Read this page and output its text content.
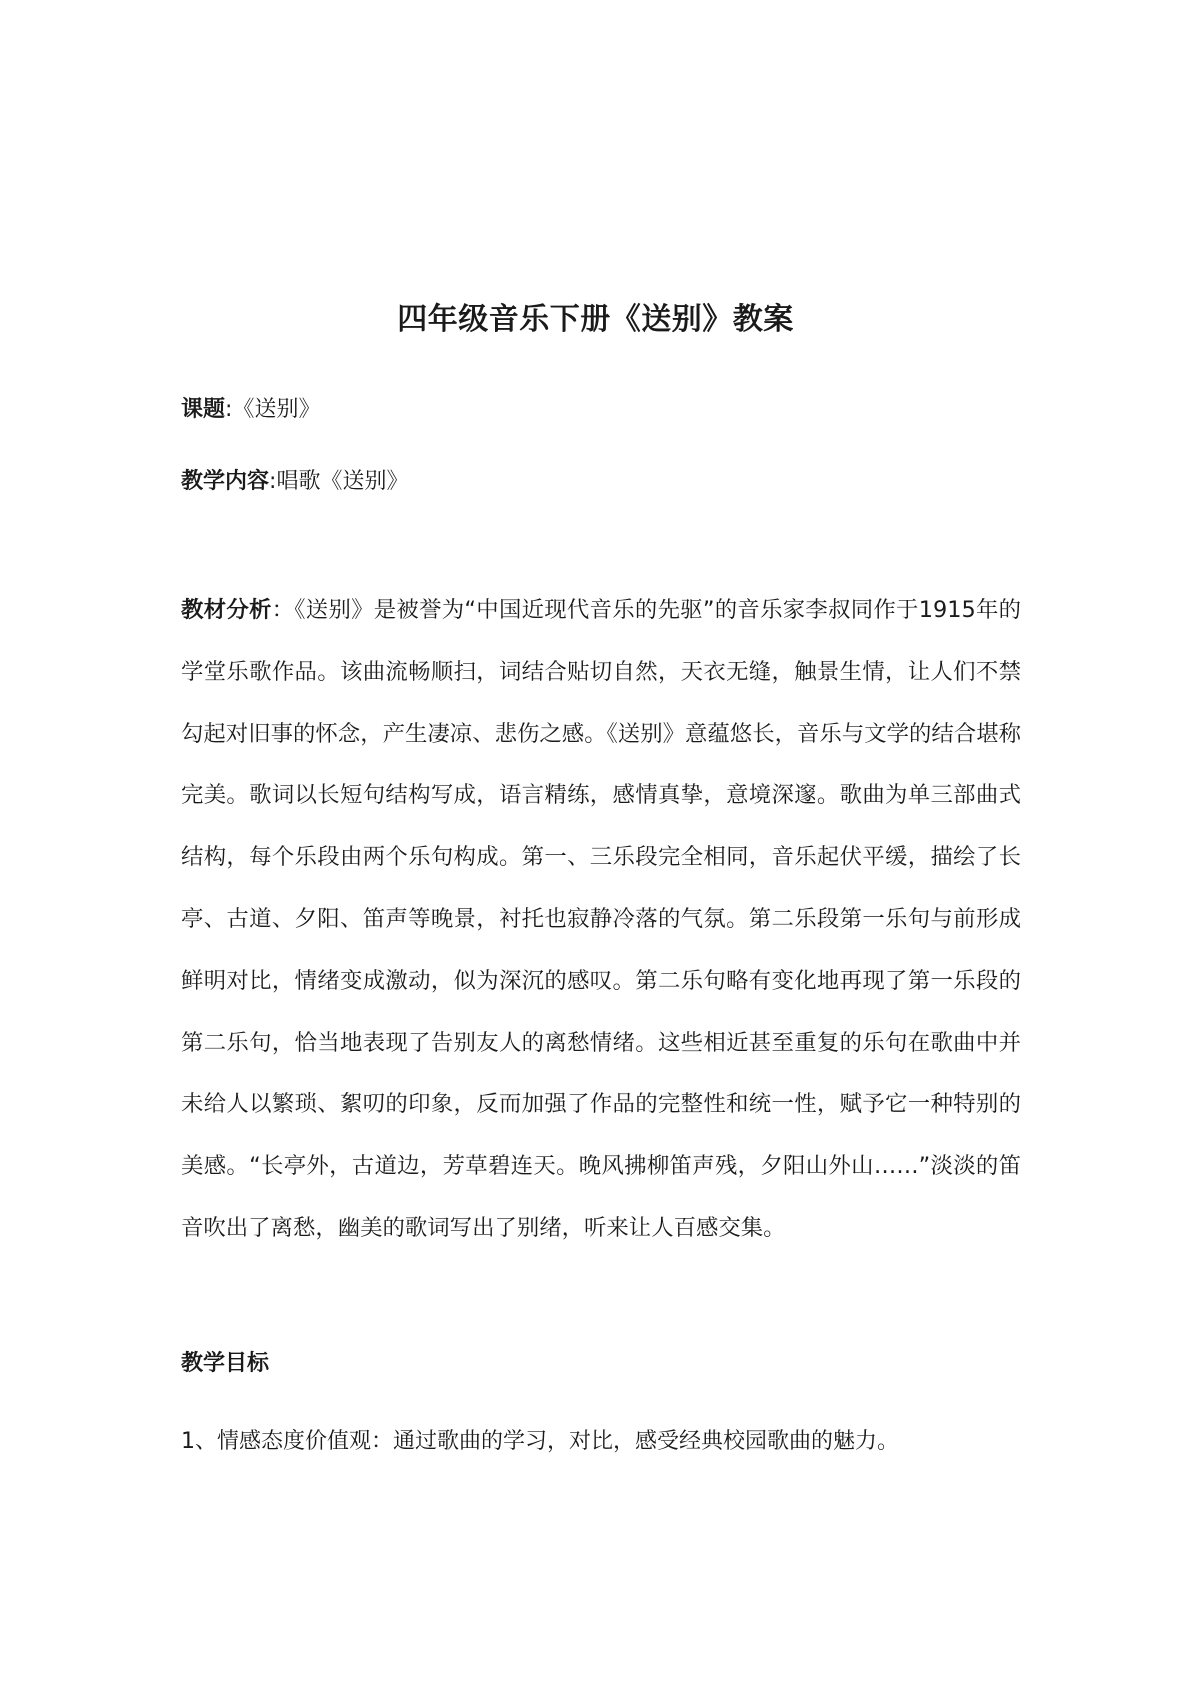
四年级音乐下册《送别》教案
课题:《送别》
教学内容:唱歌《送别》

教材分析：《送别》是被誉为“中国近现代音乐的先驱”的音乐家李叔同作于1915年的学堂乐歌作品。该曲流畅顺扫，词结合贴切自然，天衣无缝，触景生情，让人们不禁勾起对旧事的怀念，产生凄凉、悲伤之感。《送别》意蕴悠长，音乐与文学的结合堪称完美。歌词以长短句结构写成，语言精练，感情真挚，意境深邃。歌曲为单三部曲式结构，每个乐段由两个乐句构成。第一、三乐段完全相同，音乐起伏平缓，描绘了长亭、古道、夕阳、笛声等晚景，衬托也寂静冷落的气氛。第二乐段第一乐句与前形成鲜明对比，情绪变成激动，似为深沉的感叹。第二乐句略有变化地再现了第一乐段的第二乐句，恰当地表现了告别友人的离愁情绪。这些相近甚至重复的乐句在歌曲中并未给人以繁琐、絮叨的印象，反而加强了作品的完整性和统一性，赋予它一种特别的美感。“长亭外，古道边，芳草碧连天。晚风拂柳笛声残，夕阳山外山……”淡淡的笛音吹出了离愁，幽美的歌词写出了别绪，听来让人百感交集。

教学目标
1、情感态度价值观：通过歌曲的学习，对比，感受经典校园歌曲的魅力。
